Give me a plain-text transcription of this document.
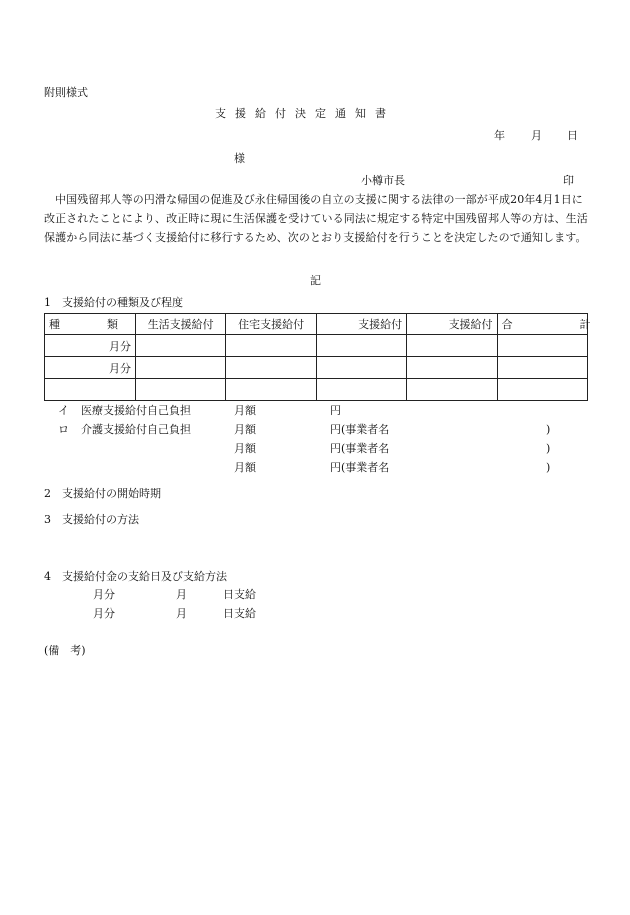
附則様式
支援給付決定通知書
年 月 日
様
小樽市長	印
中国残留邦人等の円滑な帰国の促進及び永住帰国後の自立の支援に関する法律の一部が平成20年4月1日に改正されたことにより、改正時に現に生活保護を受けている同法に規定する特定中国残留邦人等の方は、生活保護から同法に基づく支援給付に移行するため、次のとおり支援給付を行うことを決定したので通知します。
記
1　支援給付の種類及び程度
種　類	生活支援給付	住宅支援給付	支援給付	支援給付	合　計
月分					
月分					

イ 医療支援給付自己負担	月額	円
ロ 介護支援給付自己負担	月額	円(事業者名	)
月額	円(事業者名	)
月額	円(事業者名	)
2　支援給付の開始時期
3　支援給付の方法
4　支援給付金の支給日及び支給方法
月分	月	日支給
月分	月	日支給
(備　考)
